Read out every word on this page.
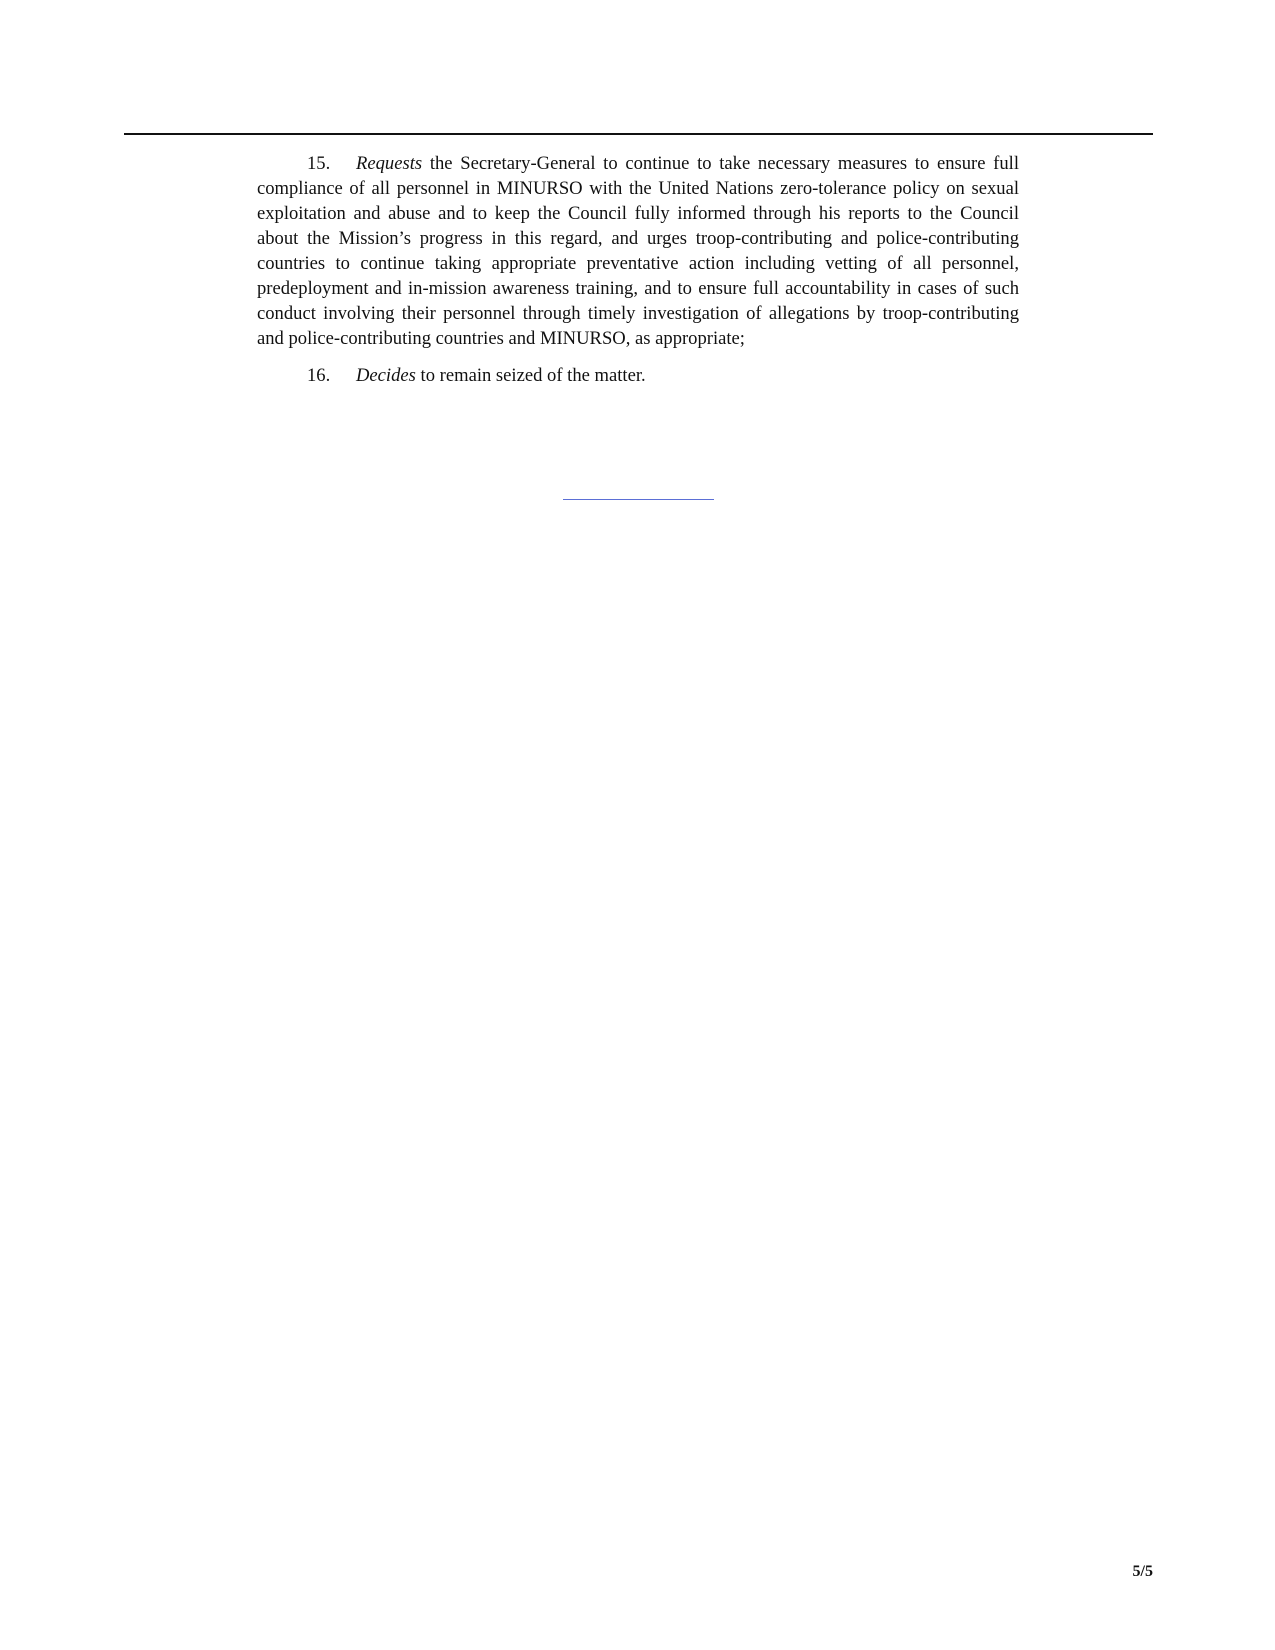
15. Requests the Secretary-General to continue to take necessary measures to ensure full compliance of all personnel in MINURSO with the United Nations zero-tolerance policy on sexual exploitation and abuse and to keep the Council fully informed through his reports to the Council about the Mission’s progress in this regard, and urges troop-contributing and police-contributing countries to continue taking appropriate preventative action including vetting of all personnel, predeployment and in-mission awareness training, and to ensure full accountability in cases of such conduct involving their personnel through timely investigation of allegations by troop-contributing and police-contributing countries and MINURSO, as appropriate;

16. Decides to remain seized of the matter.

5/5
